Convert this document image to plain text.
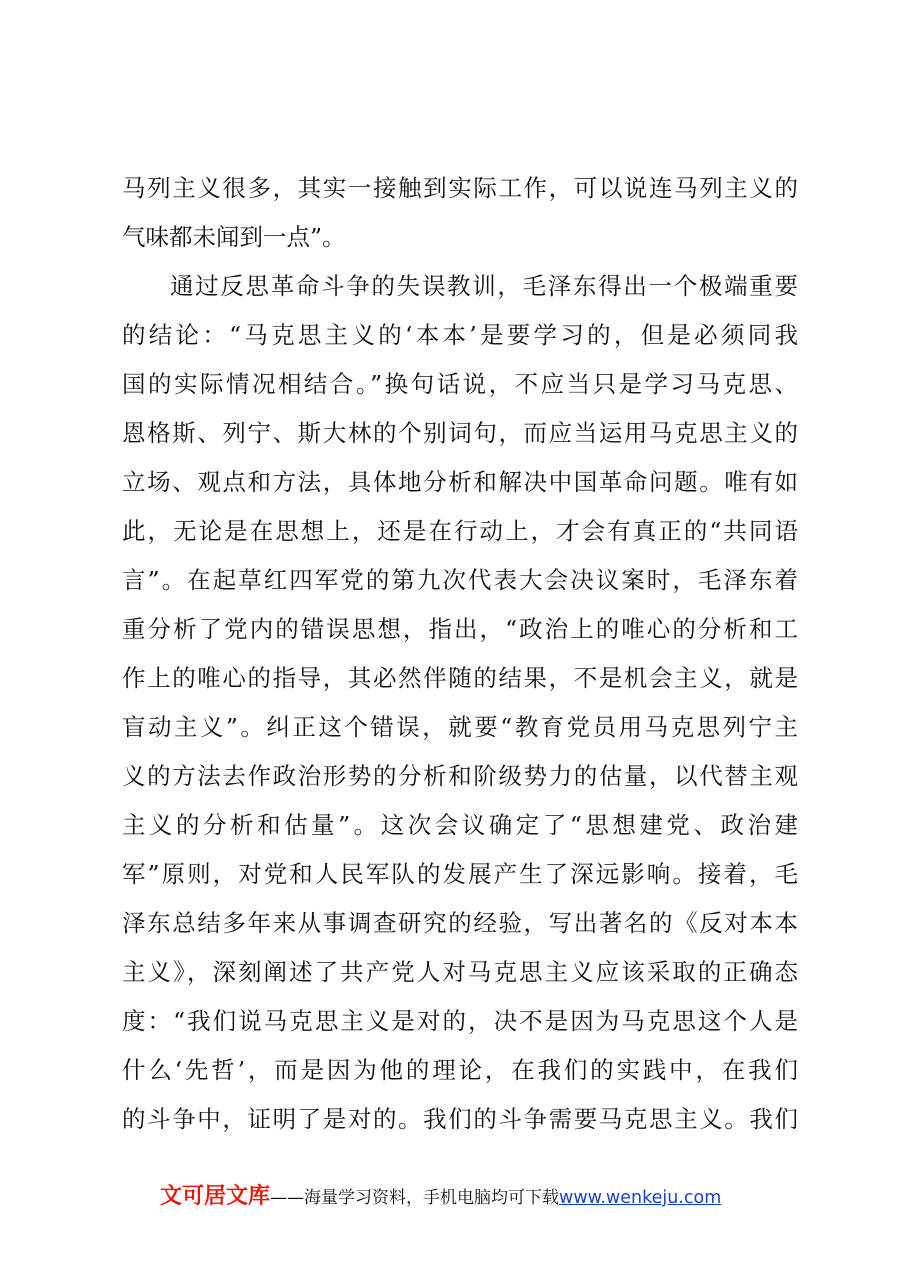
马列主义很多，其实一接触到实际工作，可以说连马列主义的
气味都未闻到一点”。
通过反思革命斗争的失误教训，毛泽东得出一个极端重要
的结论：“马克思主义的‘本本’是要学习的，但是必须同我
国的实际情况相结合。”换句话说，不应当只是学习马克思、
恩格斯、列宁、斯大林的个别词句，而应当运用马克思主义的
立场、观点和方法，具体地分析和解决中国革命问题。唯有如
此，无论是在思想上，还是在行动上，才会有真正的“共同语
言”。在起草红四军党的第九次代表大会决议案时，毛泽东着
重分析了党内的错误思想，指出，“政治上的唯心的分析和工
作上的唯心的指导，其必然伴随的结果，不是机会主义，就是
盲动主义”。纠正这个错误，就要“教育党员用马克思列宁主
义的方法去作政治形势的分析和阶级势力的估量，以代替主观
主义的分析和估量”。这次会议确定了“思想建党、政治建
军”原则，对党和人民军队的发展产生了深远影响。接着，毛
泽东总结多年来从事调查研究的经验，写出著名的《反对本本
主义》，深刻阐述了共产党人对马克思主义应该采取的正确态
度：“我们说马克思主义是对的，决不是因为马克思这个人是
什么‘先哲’，而是因为他的理论，在我们的实践中，在我们
的斗争中，证明了是对的。我们的斗争需要马克思主义。我们
文可居文库——海量学习资料，手机电脑均可下载www.wenkeju.com
